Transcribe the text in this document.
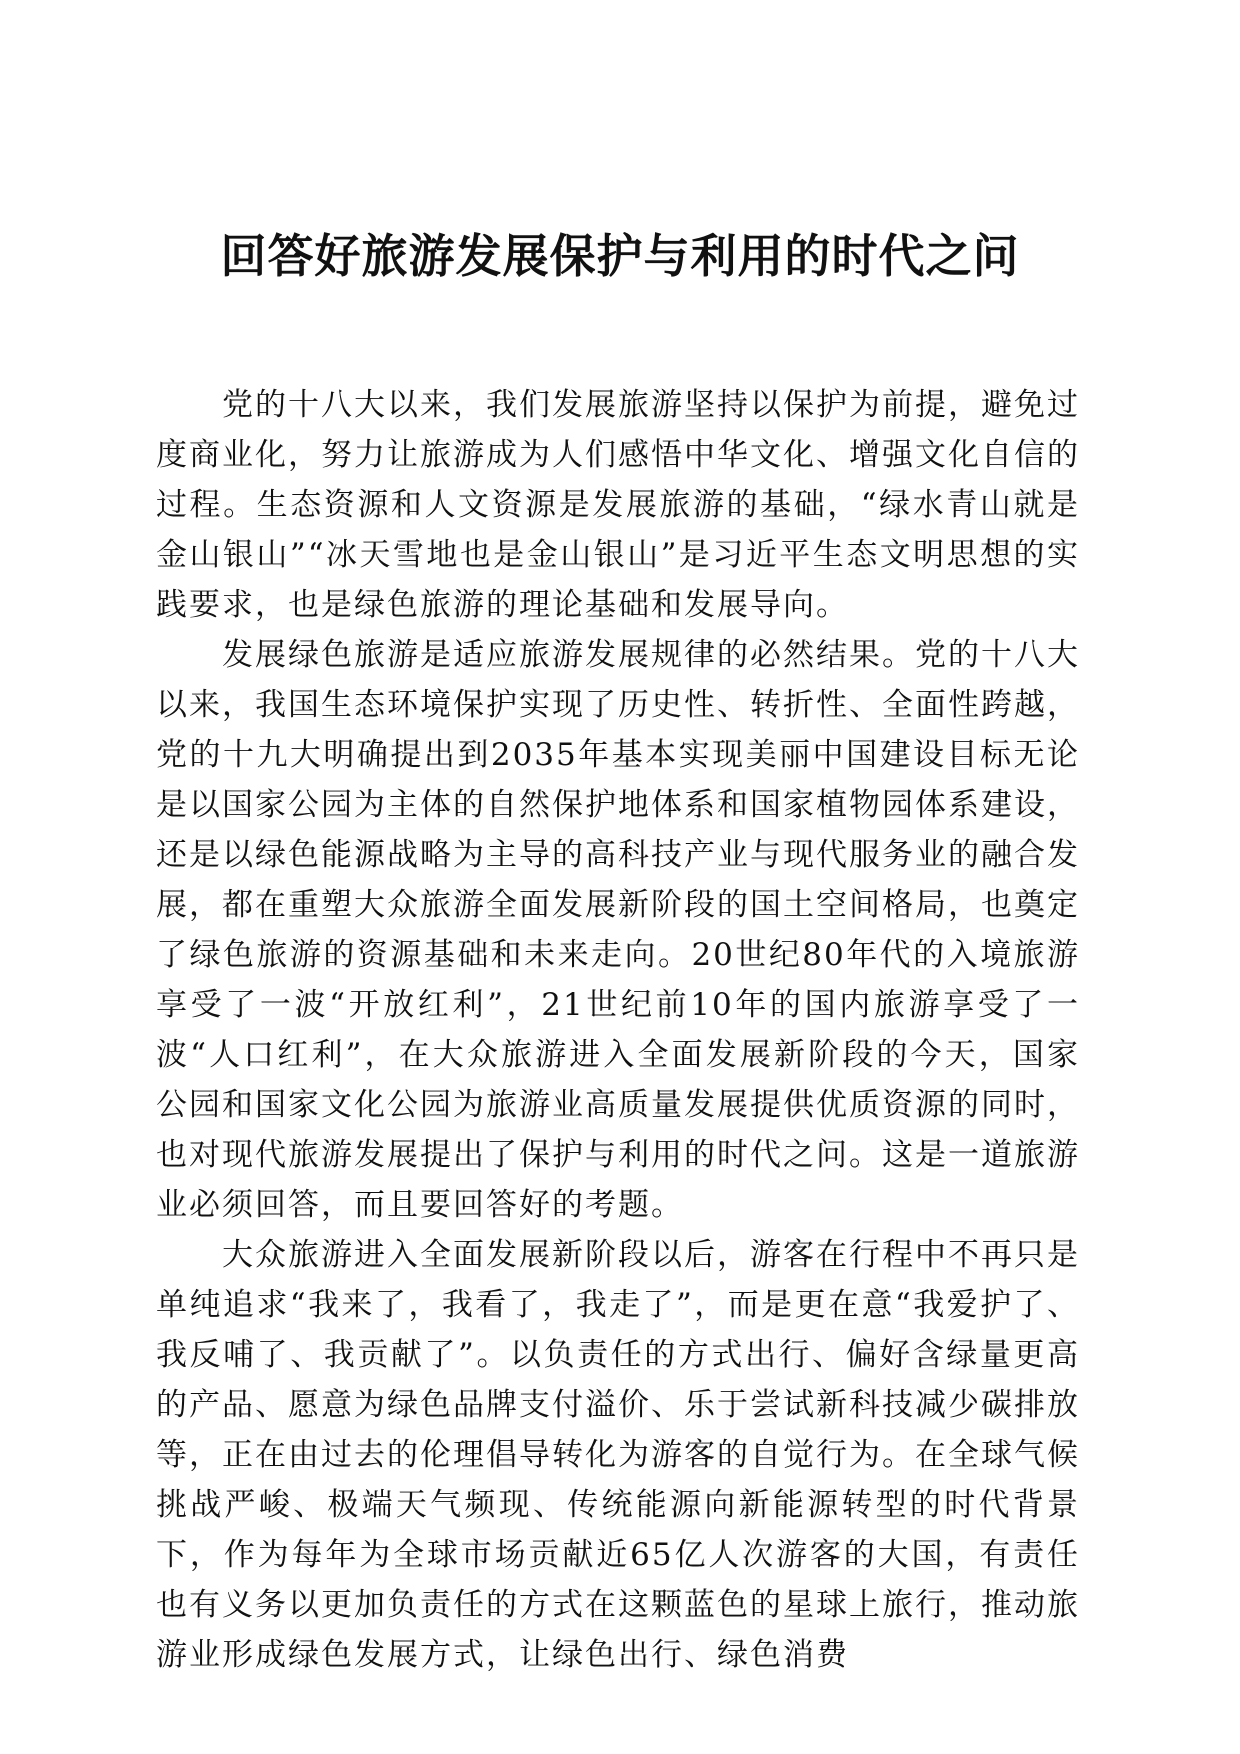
回答好旅游发展保护与利用的时代之问

党的十八大以来，我们发展旅游坚持以保护为前提，避免过度商业化，努力让旅游成为人们感悟中华文化、增强文化自信的过程。生态资源和人文资源是发展旅游的基础，“绿水青山就是金山银山”“冰天雪地也是金山银山”是习近平生态文明思想的实践要求，也是绿色旅游的理论基础和发展导向。

发展绿色旅游是适应旅游发展规律的必然结果。党的十八大以来，我国生态环境保护实现了历史性、转折性、全面性跨越，党的十九大明确提出到2035年基本实现美丽中国建设目标无论是以国家公园为主体的自然保护地体系和国家植物园体系建设，还是以绿色能源战略为主导的高科技产业与现代服务业的融合发展，都在重塑大众旅游全面发展新阶段的国土空间格局，也奠定了绿色旅游的资源基础和未来走向。20世纪80年代的入境旅游享受了一波“开放红利”，21世纪前10年的国内旅游享受了一波“人口红利”，在大众旅游进入全面发展新阶段的今天，国家公园和国家文化公园为旅游业高质量发展提供优质资源的同时，也对现代旅游发展提出了保护与利用的时代之问。这是一道旅游业必须回答，而且要回答好的考题。

大众旅游进入全面发展新阶段以后，游客在行程中不再只是单纯追求“我来了，我看了，我走了”，而是更在意“我爱护了、我反哺了、我贡献了”。以负责任的方式出行、偏好含绿量更高的产品、愿意为绿色品牌支付溢价、乐于尝试新科技减少碳排放等，正在由过去的伦理倡导转化为游客的自觉行为。在全球气候挑战严峻、极端天气频现、传统能源向新能源转型的时代背景下，作为每年为全球市场贡献近65亿人次游客的大国，有责任也有义务以更加负责任的方式在这颗蓝色的星球上旅行，推动旅游业形成绿色发展方式，让绿色出行、绿色消费
